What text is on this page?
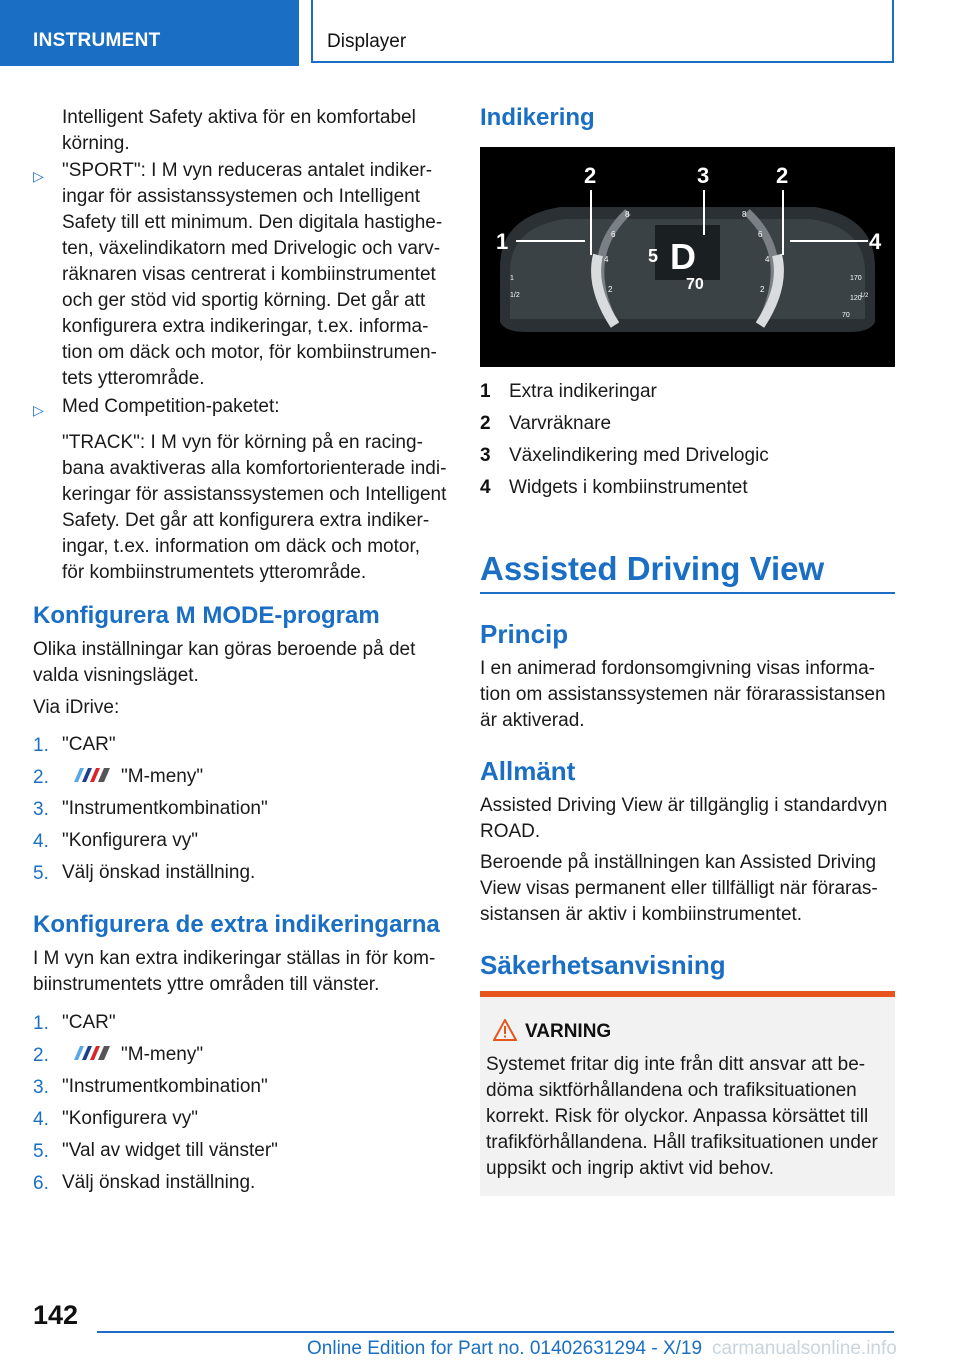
INSTRUMENT	Displayer
Intelligent Safety aktiva för en komfortabel
körning.
▷ "SPORT": I M vyn reduceras antalet indiker-
ingar för assistanssystemen och Intelligent
Safety till ett minimum. Den digitala hastighe-
ten, växelindikatorn med Drivelogic och varv-
räknaren visas centrerat i kombiinstrumentet
och ger stöd vid sportig körning. Det går att
konfigurera extra indikeringar, t.ex. informa-
tion om däck och motor, för kombiinstrumen-
tets ytterområde.
▷ Med Competition-paketet:
"TRACK": I M vyn för körning på en racing-
bana avaktiveras alla komfortorienterade indi-
keringar för assistanssystemen och Intelligent
Safety. Det går att konfigurera extra indiker-
ingar, t.ex. information om däck och motor,
för kombiinstrumentets ytterområde.
Konfigurera M MODE-program
Olika inställningar kan göras beroende på det
valda visningsläget.
Via iDrive:
1. "CAR"
2.	"M-meny"
3. "Instrumentkombination"
4. "Konfigurera vy"
5. Välj önskad inställning.
Konfigurera de extra indikeringarna
I M vyn kan extra indikeringar ställas in för kom-
biinstrumentets yttre områden till vänster.
1. "CAR"
2.	"M-meny"
3. "Instrumentkombination"
4. "Konfigurera vy"
5. "Val av widget till vänster"
6. Välj önskad inställning.
Indikering
5 D
70
8
6
4
2
1
1/2
8
6
4
2
170
120
70
1/2
1
2	3	2
4
1 Extra indikeringar
2 Varvräknare
3 Växelindikering med Drivelogic
4 Widgets i kombiinstrumentet
Assisted Driving View
Princip
I en animerad fordonsomgivning visas informa-
tion om assistanssystemen när förarassistansen
är aktiverad.
Allmänt
Assisted Driving View är tillgänglig i standardvyn
ROAD.
Beroende på inställningen kan Assisted Driving
View visas permanent eller tillfälligt när föraras-
sistansen är aktiv i kombiinstrumentet.
Säkerhetsanvisning
VARNING
Systemet fritar dig inte från ditt ansvar att be-
döma siktförhållandena och trafiksituationen
korrekt. Risk för olyckor. Anpassa körsättet till
trafikförhållandena. Håll trafiksituationen under
uppsikt och ingrip aktivt vid behov.
142
Online Edition for Part no. 01402631294 - X/19 carmanualsonline.info
